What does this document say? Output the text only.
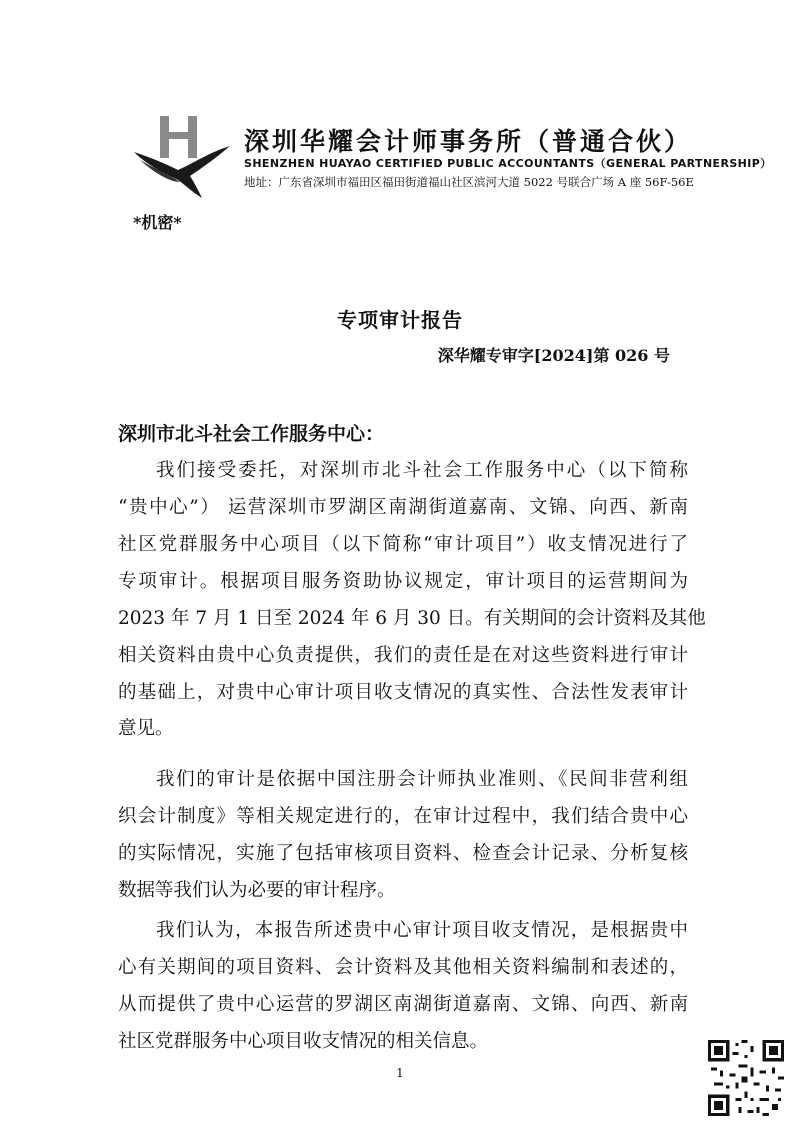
深圳华耀会计师事务所（普通合伙）
SHENZHEN HUAYAO CERTIFIED PUBLIC ACCOUNTANTS（GENERAL PARTNERSHIP）
地址：广东省深圳市福田区福田街道福山社区滨河大道 5022 号联合广场 A 座 56F-56E
*机密*
专项审计报告
深华耀专审字[2024]第 026 号
深圳市北斗社会工作服务中心：
我们接受委托，对深圳市北斗社会工作服务中心（以下简称
“贵中心”） 运营深圳市罗湖区南湖街道嘉南、文锦、向西、新南
社区党群服务中心项目（以下简称“审计项目”）收支情况进行了
专项审计。根据项目服务资助协议规定，审计项目的运营期间为
2023 年 7 月 1 日至 2024 年 6 月 30 日。有关期间的会计资料及其他
相关资料由贵中心负责提供，我们的责任是在对这些资料进行审计
的基础上，对贵中心审计项目收支情况的真实性、合法性发表审计
意见。
我们的审计是依据中国注册会计师执业准则、《民间非营利组
织会计制度》等相关规定进行的，在审计过程中，我们结合贵中心
的实际情况，实施了包括审核项目资料、检查会计记录、分析复核
数据等我们认为必要的审计程序。
我们认为，本报告所述贵中心审计项目收支情况，是根据贵中
心有关期间的项目资料、会计资料及其他相关资料编制和表述的，
从而提供了贵中心运营的罗湖区南湖街道嘉南、文锦、向西、新南
社区党群服务中心项目收支情况的相关信息。
1
